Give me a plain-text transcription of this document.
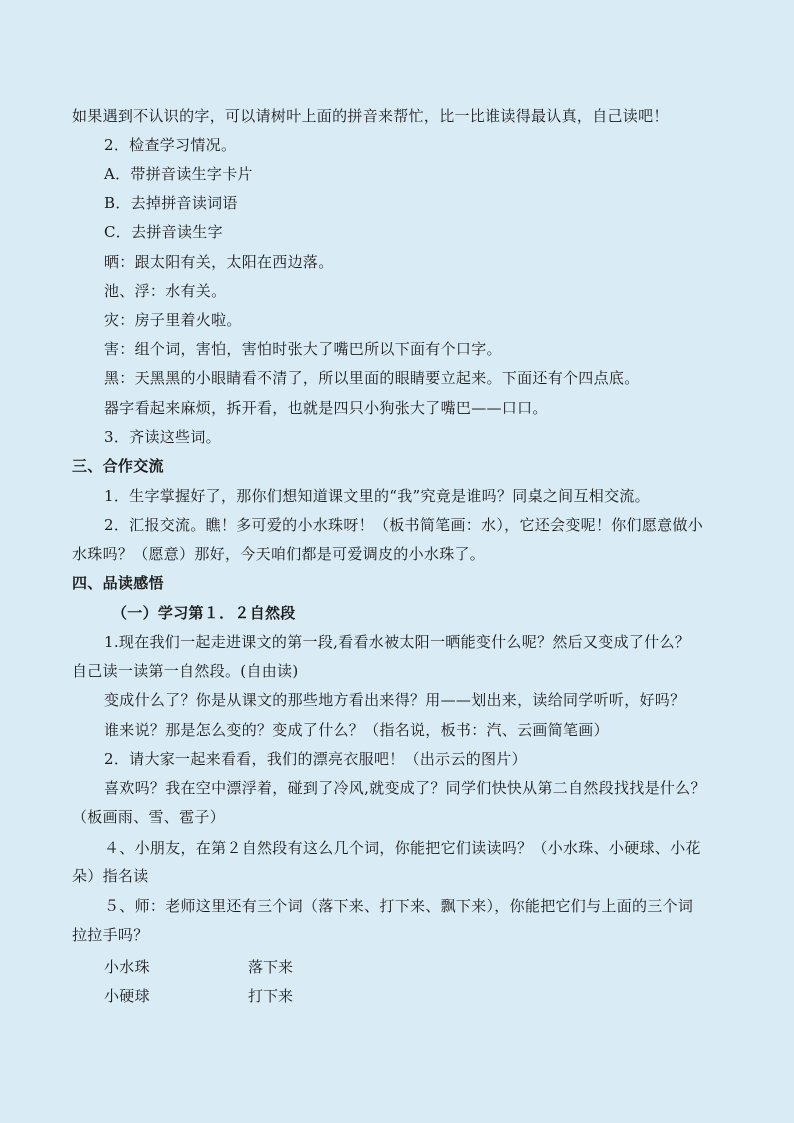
如果遇到不认识的字，可以请树叶上面的拼音来帮忙，比一比谁读得最认真，自己读吧！
2．检查学习情况。
A．带拼音读生字卡片
B．去掉拼音读词语
C．去拼音读生字
晒：跟太阳有关，太阳在西边落。
池、浮：水有关。
灾：房子里着火啦。
害：组个词，害怕，害怕时张大了嘴巴所以下面有个口字。
黑：天黑黑的小眼睛看不清了，所以里面的眼睛要立起来。下面还有个四点底。
器字看起来麻烦，拆开看，也就是四只小狗张大了嘴巴——口口。
3．齐读这些词。
三、合作交流
1．生字掌握好了，那你们想知道课文里的“我”究竟是谁吗？同桌之间互相交流。
2．汇报交流。瞧！多可爱的小水珠呀！（板书简笔画：水），它还会变呢！你们愿意做小
水珠吗？（愿意）那好，今天咱们都是可爱调皮的小水珠了。
四、品读感悟
（一）学习第１．２自然段
1.现在我们一起走进课文的第一段,看看水被太阳一晒能变什么呢？然后又变成了什么？
自己读一读第一自然段。(自由读)
变成什么了？你是从课文的那些地方看出来得？用——划出来，读给同学听听，好吗？
谁来说？那是怎么变的？变成了什么？（指名说，板书：汽、云画简笔画）
2．请大家一起来看看，我们的漂亮衣服吧！（出示云的图片）
喜欢吗？我在空中漂浮着，碰到了冷风,就变成了？同学们快快从第二自然段找找是什么？
（板画雨、雪、雹子）
４、小朋友，在第２自然段有这么几个词，你能把它们读读吗？（小水珠、小硬球、小花
朵）指名读
５、师：老师这里还有三个词（落下来、打下来、飘下来），你能把它们与上面的三个词
拉拉手吗？
小水珠	落下来
小硬球	打下来
